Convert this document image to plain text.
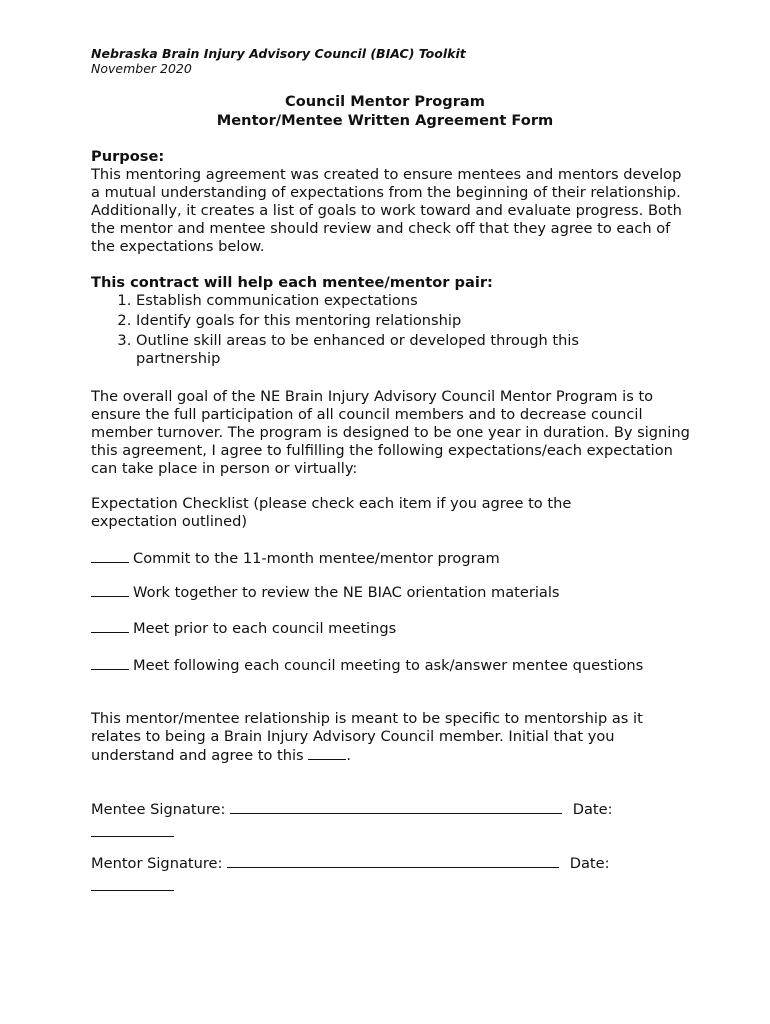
Nebraska Brain Injury Advisory Council (BIAC) Toolkit
November 2020
Council Mentor Program
Mentor/Mentee Written Agreement Form
Purpose:
This mentoring agreement was created to ensure mentees and mentors develop a mutual understanding of expectations from the beginning of their relationship. Additionally, it creates a list of goals to work toward and evaluate progress. Both the mentor and mentee should review and check off that they agree to each of the expectations below.
This contract will help each mentee/mentor pair:
1. Establish communication expectations
2. Identify goals for this mentoring relationship
3. Outline skill areas to be enhanced or developed through this partnership
The overall goal of the NE Brain Injury Advisory Council Mentor Program is to ensure the full participation of all council members and to decrease council member turnover. The program is designed to be one year in duration. By signing this agreement, I agree to fulfilling the following expectations/each expectation can take place in person or virtually:
Expectation Checklist (please check each item if you agree to the expectation outlined)
Commit to the 11-month mentee/mentor program
Work together to review the NE BIAC orientation materials
Meet prior to each council meetings
Meet following each council meeting to ask/answer mentee questions
This mentor/mentee relationship is meant to be specific to mentorship as it relates to being a Brain Injury Advisory Council member. Initial that you understand and agree to this	.
Mentee Signature:	Date:
Mentor Signature:	Date:
